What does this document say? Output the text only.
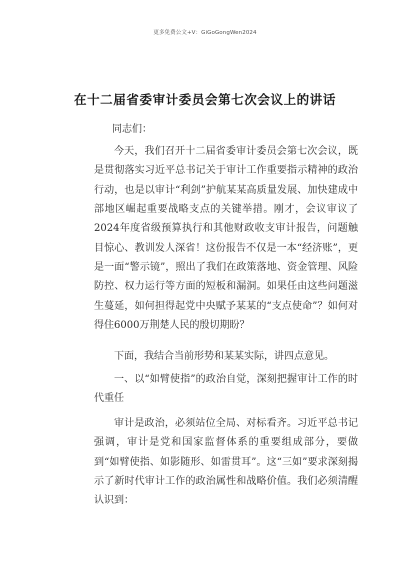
更多免费公文+V：GiGoGongWen2024
在十二届省委审计委员会第七次会议上的讲话
同志们：

今天，我们召开十二届省委审计委员会第七次会议，既是贯彻落实习近平总书记关于审计工作重要指示精神的政治行动，也是以审计“利剑”护航某某高质量发展、加快建成中部地区崛起重要战略支点的关键举措。刚才，会议审议了2024年度省级预算执行和其他财政收支审计报告，问题触目惊心、教训发人深省！这份报告不仅是一本“经济账”，更是一面“警示镜”，照出了我们在政策落地、资金管理、风险防控、权力运行等方面的短板和漏洞。如果任由这些问题滋生蔓延，如何担得起党中央赋予某某的“支点使命”？如何对得住6000万荆楚人民的殷切期盼？

下面，我结合当前形势和某某实际，讲四点意见。

一、以“如臂使指”的政治自觉，深刻把握审计工作的时代重任

审计是政治，必须站位全局、对标看齐。习近平总书记强调，审计是党和国家监督体系的重要组成部分，要做到“如臂使指、如影随形、如雷贯耳”。这“三如”要求深刻揭示了新时代审计工作的政治属性和战略价值。我们必须清醒认识到：
